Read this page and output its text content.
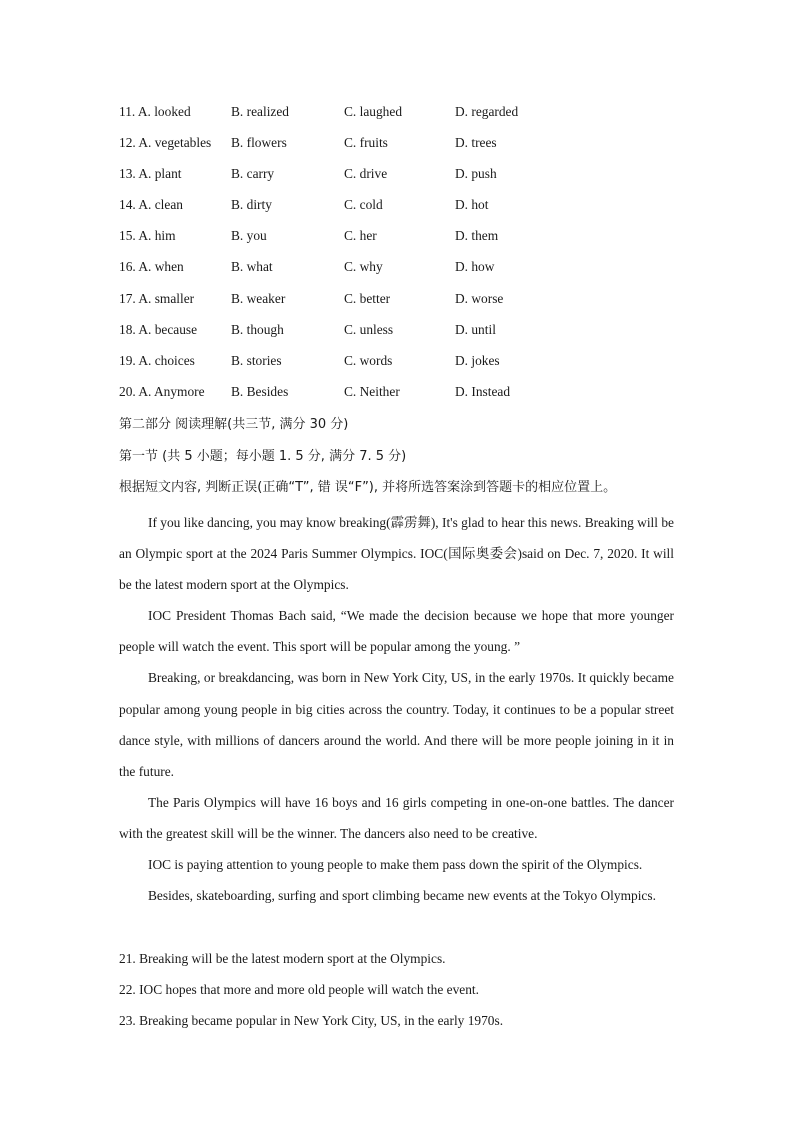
11. A. looked	B. realized	C. laughed	D. regarded
12. A. vegetables B. flowers	C. fruits	D. trees
13. A. plant	B. carry	C. drive	D. push
14. A. clean	B. dirty	C. cold	D. hot
15. A. him	B. you	C. her	D. them
16. A. when	B. what	C. why	D. how
17. A. smaller	B. weaker	C. better	D. worse
18. A. because	B. though	C. unless	D. until
19. A. choices	B. stories	C. words	D. jokes
20. A. Anymore B. Besides	C. Neither	D. Instead
第二部分 阅读理解(共三节, 满分 30 分)
第一节 (共 5 小题；每小题 1. 5 分, 满分 7. 5 分)
根据短文内容, 判断正误(正确“T”, 错 误“F”), 并将所选答案涂到答题卡的相应位置上。

If you like dancing, you may know breaking(霹雳舞), It's glad to hear this news. Breaking will be an Olympic sport at the 2024 Paris Summer Olympics. IOC(国际奥委会)said on Dec. 7, 2020. It will be the latest modern sport at the Olympics.

IOC President Thomas Bach said, “We made the decision because we hope that more younger people will watch the event. This sport will be popular among the young. ”

Breaking, or breakdancing, was born in New York City, US, in the early 1970s. It quickly became popular among young people in big cities across the country. Today, it continues to be a popular street dance style, with millions of dancers around the world. And there will be more people joining in it in the future.

The Paris Olympics will have 16 boys and 16 girls competing in one-on-one battles. The dancer with the greatest skill will be the winner. The dancers also need to be creative.

IOC is paying attention to young people to make them pass down the spirit of the Olympics.

Besides, skateboarding, surfing and sport climbing became new events at the Tokyo Olympics.

21. Breaking will be the latest modern sport at the Olympics.
22. IOC hopes that more and more old people will watch the event.
23. Breaking became popular in New York City, US, in the early 1970s.
